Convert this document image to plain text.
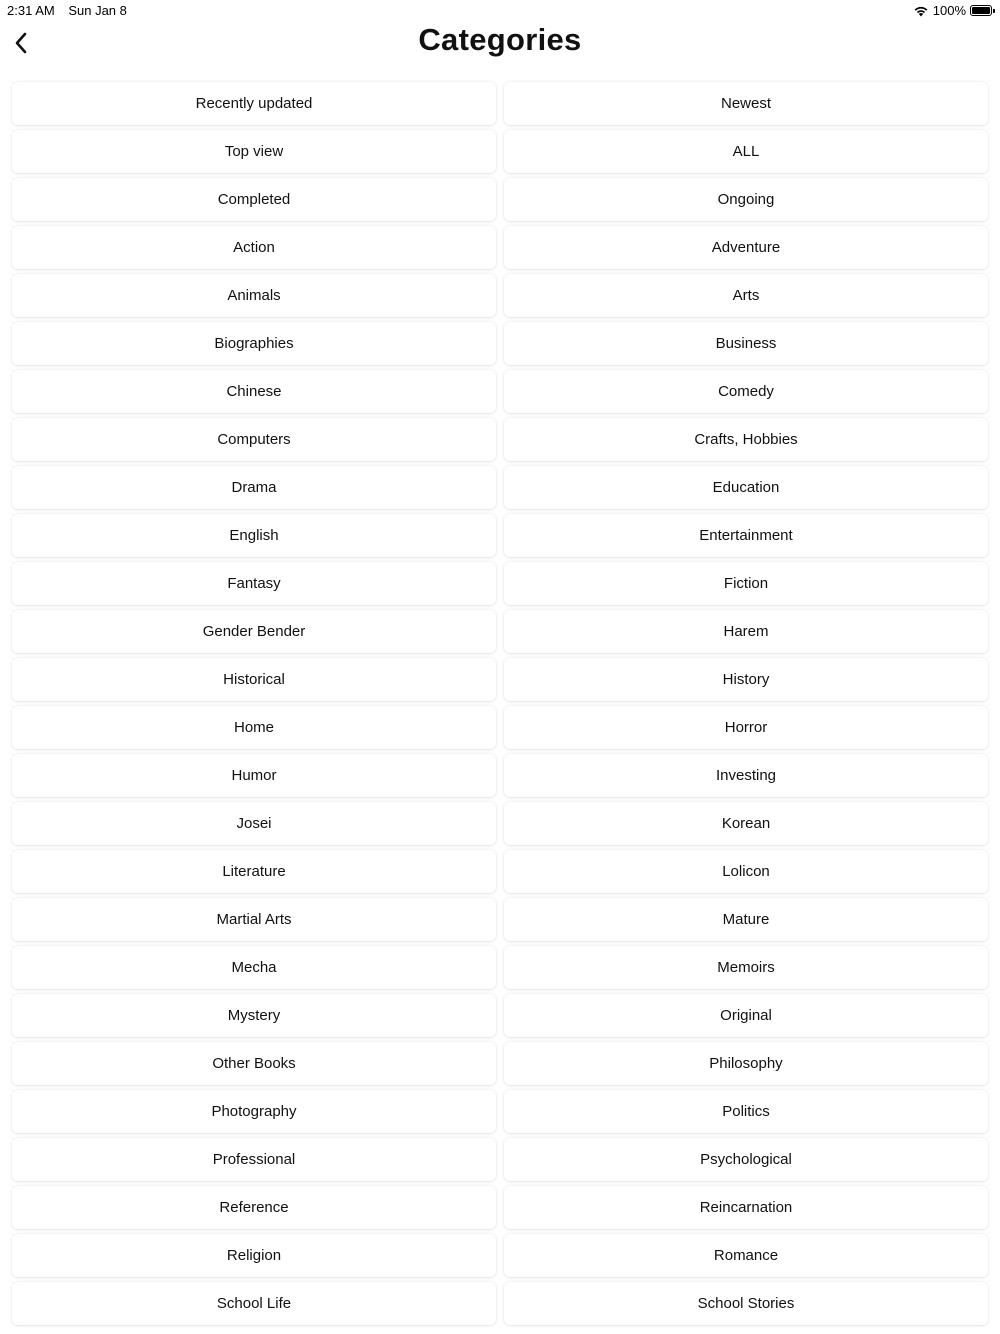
2:31 AM Sun Jan 8	100%
Categories
Recently updated	Newest
Top view	ALL
Completed	Ongoing
Action	Adventure
Animals	Arts
Biographies	Business
Chinese	Comedy
Computers	Crafts, Hobbies
Drama	Education
English	Entertainment
Fantasy	Fiction
Gender Bender	Harem
Historical	History
Home	Horror
Humor	Investing
Josei	Korean
Literature	Lolicon
Martial Arts	Mature
Mecha	Memoirs
Mystery	Original
Other Books	Philosophy
Photography	Politics
Professional	Psychological
Reference	Reincarnation
Religion	Romance
School Life	School Stories
